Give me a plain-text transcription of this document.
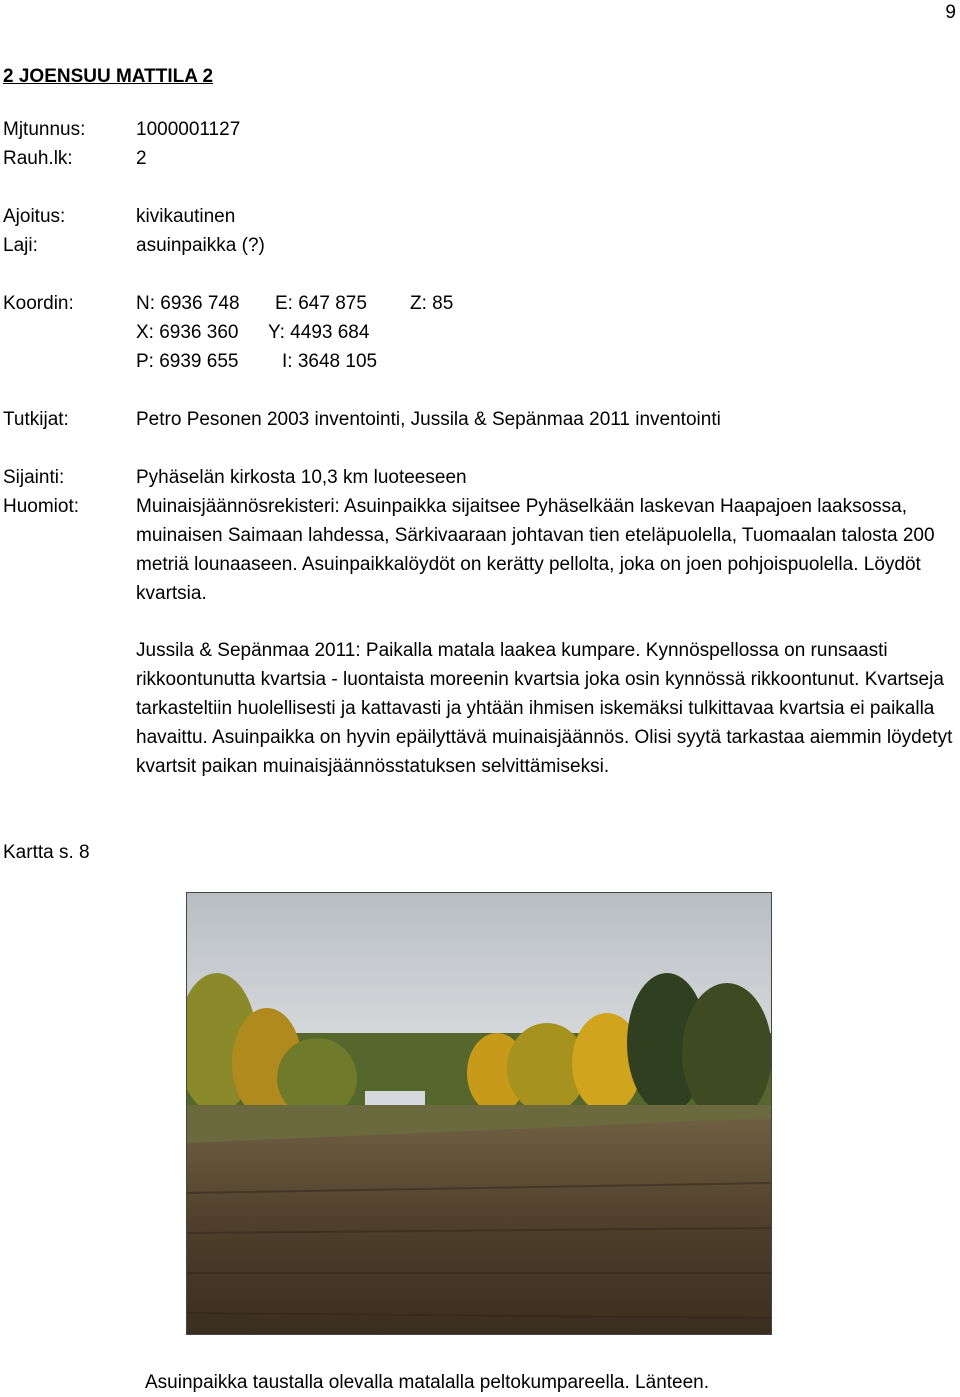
9
2 JOENSUU MATTILA 2
Mjtunnus:	1000001127
Rauh.lk:	2
Ajoitus:	kivikautinen
Laji:	asuinpaikka (?)
Koordin:	N: 6936 748 E: 647 875 Z: 85
X: 6936 360 Y: 4493 684
P: 6939 655 I: 3648 105
Tutkijat:	Petro Pesonen 2003 inventointi, Jussila & Sepänmaa 2011 inventointi
Sijainti:	Pyhäselän kirkosta 10,3 km luoteeseen
Huomiot:	Muinaisjäännösrekisteri: Asuinpaikka sijaitsee Pyhäselkään laskevan Haapajoen laaksossa, muinaisen Saimaan lahdessa, Särkivaaraan johtavan tien eteläpuolella, Tuomaalan talosta 200 metriä lounaaseen. Asuinpaikkalöydöt on kerätty pellolta, joka on joen pohjoispuolella. Löydöt kvartsia.
Jussila & Sepänmaa 2011: Paikalla matala laakea kumpare. Kynnöspellossa on runsaasti rikkoontunutta kvartsia - luontaista moreenin kvartsia joka osin kynnössä rikkoontunut. Kvartseja tarkasteltiin huolellisesti ja kattavasti ja yhtään ihmisen iskemäksi tulkittavaa kvartsia ei paikalla havaittu. Asuinpaikka on hyvin epäilyttävä muinaisjäännös. Olisi syytä tarkastaa aiemmin löydetyt kvartsit paikan muinaisjäännösstatuksen selvittämiseksi.
Kartta s. 8
Asuinpaikka taustalla olevalla matalalla peltokumpareella. Länteen.
